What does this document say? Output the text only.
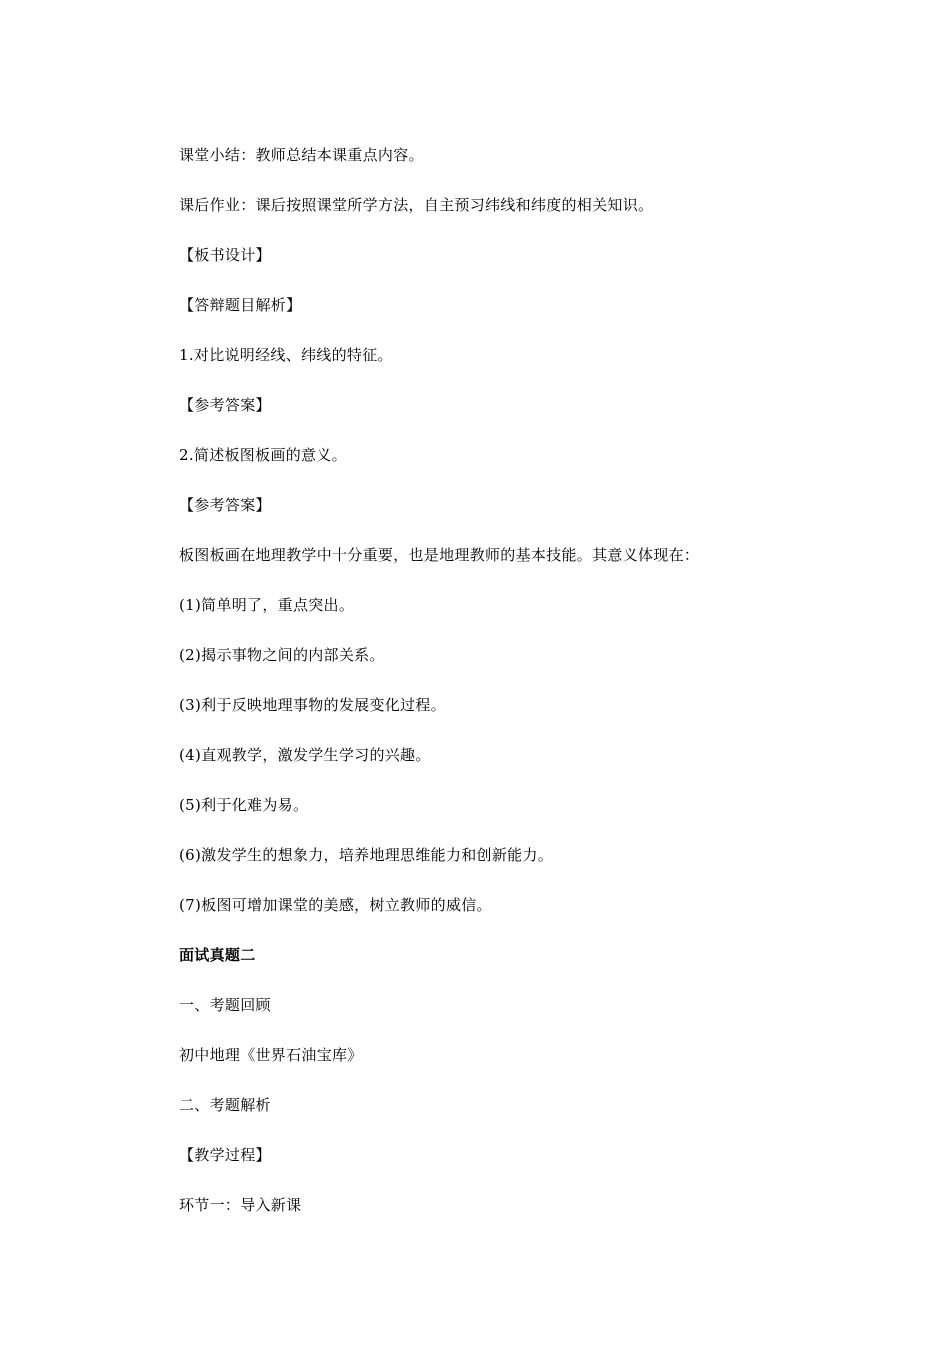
课堂小结：教师总结本课重点内容。
课后作业：课后按照课堂所学方法，自主预习纬线和纬度的相关知识。
【板书设计】
【答辩题目解析】
1.对比说明经线、纬线的特征。
【参考答案】
2.简述板图板画的意义。
【参考答案】
板图板画在地理教学中十分重要，也是地理教师的基本技能。其意义体现在：
(1)简单明了，重点突出。
(2)揭示事物之间的内部关系。
(3)利于反映地理事物的发展变化过程。
(4)直观教学，激发学生学习的兴趣。
(5)利于化难为易。
(6)激发学生的想象力，培养地理思维能力和创新能力。
(7)板图可增加课堂的美感，树立教师的威信。
面试真题二
一、考题回顾
初中地理《世界石油宝库》
二、考题解析
【教学过程】
环节一：导入新课
